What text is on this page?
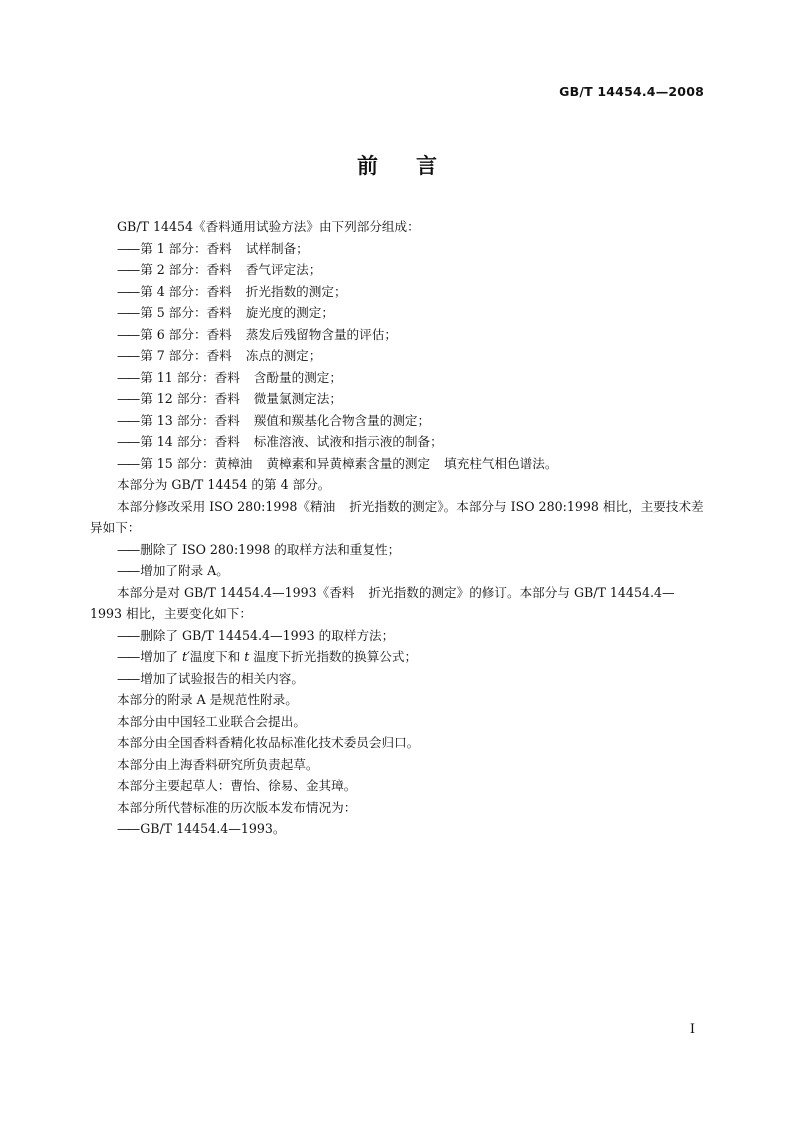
GB/T 14454.4—2008
前 言

GB/T 14454《香料通用试验方法》由下列部分组成：

—— 第 1 部分：香料 试样制备；

—— 第 2 部分：香料 香气评定法；

—— 第 4 部分：香料 折光指数的测定；

—— 第 5 部分：香料 旋光度的测定；

—— 第 6 部分：香料 蒸发后残留物含量的评估；

—— 第 7 部分：香料 冻点的测定；

—— 第 11 部分：香料 含酚量的测定；

—— 第 12 部分：香料 微量氯测定法；

—— 第 13 部分：香料 羰值和羰基化合物含量的测定；

—— 第 14 部分：香料 标准溶液、试液和指示液的制备；

—— 第 15 部分：黄樟油 黄樟素和异黄樟素含量的测定 填充柱气相色谱法。

本部分为 GB/T 14454 的第 4 部分。

本部分修改采用 ISO 280:1998《精油 折光指数的测定》。本部分与 ISO 280:1998 相比，主要技术差异如下：

—— 删除了 ISO 280:1998 的取样方法和重复性；

—— 增加了附录 A。

本部分是对 GB/T 14454.4—1993《香料 折光指数的测定》的修订。本部分与 GB/T 14454.4—1993 相比，主要变化如下：

—— 删除了 GB/T 14454.4—1993 的取样方法；

—— 增加了 t′温度下和 t 温度下折光指数的换算公式；

—— 增加了试验报告的相关内容。

本部分的附录 A 是规范性附录。

本部分由中国轻工业联合会提出。

本部分由全国香料香精化妆品标准化技术委员会归口。

本部分由上海香料研究所负责起草。

本部分主要起草人：曹怡、徐易、金其璋。

本部分所代替标准的历次版本发布情况为：

—— GB/T 14454.4—1993。

I
